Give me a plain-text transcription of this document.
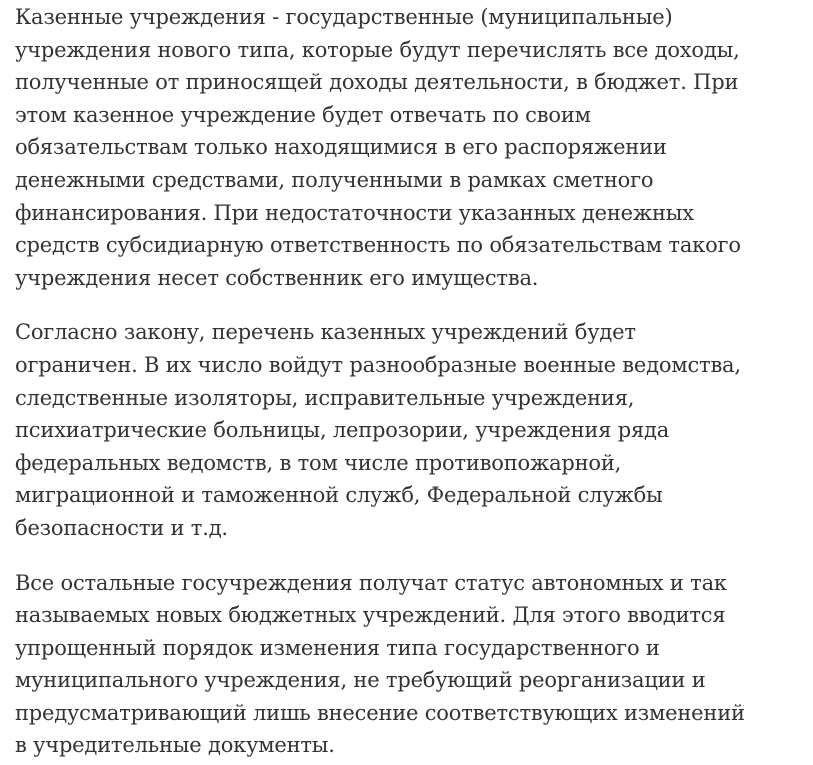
Казенные учреждения - государственные (муниципальные)
учреждения нового типа, которые будут перечислять все доходы,
полученные от приносящей доходы деятельности, в бюджет. При
этом казенное учреждение будет отвечать по своим
обязательствам только находящимися в его распоряжении
денежными средствами, полученными в рамках сметного
финансирования. При недостаточности указанных денежных
средств субсидиарную ответственность по обязательствам такого
учреждения несет собственник его имущества.

Согласно закону, перечень казенных учреждений будет
ограничен. В их число войдут разнообразные военные ведомства,
следственные изоляторы, исправительные учреждения,
психиатрические больницы, лепрозории, учреждения ряда
федеральных ведомств, в том числе противопожарной,
миграционной и таможенной служб, Федеральной службы
безопасности и т.д.

Все остальные госучреждения получат статус автономных и так
называемых новых бюджетных учреждений. Для этого вводится
упрощенный порядок изменения типа государственного и
муниципального учреждения, не требующий реорганизации и
предусматривающий лишь внесение соответствующих изменений
в учредительные документы.
